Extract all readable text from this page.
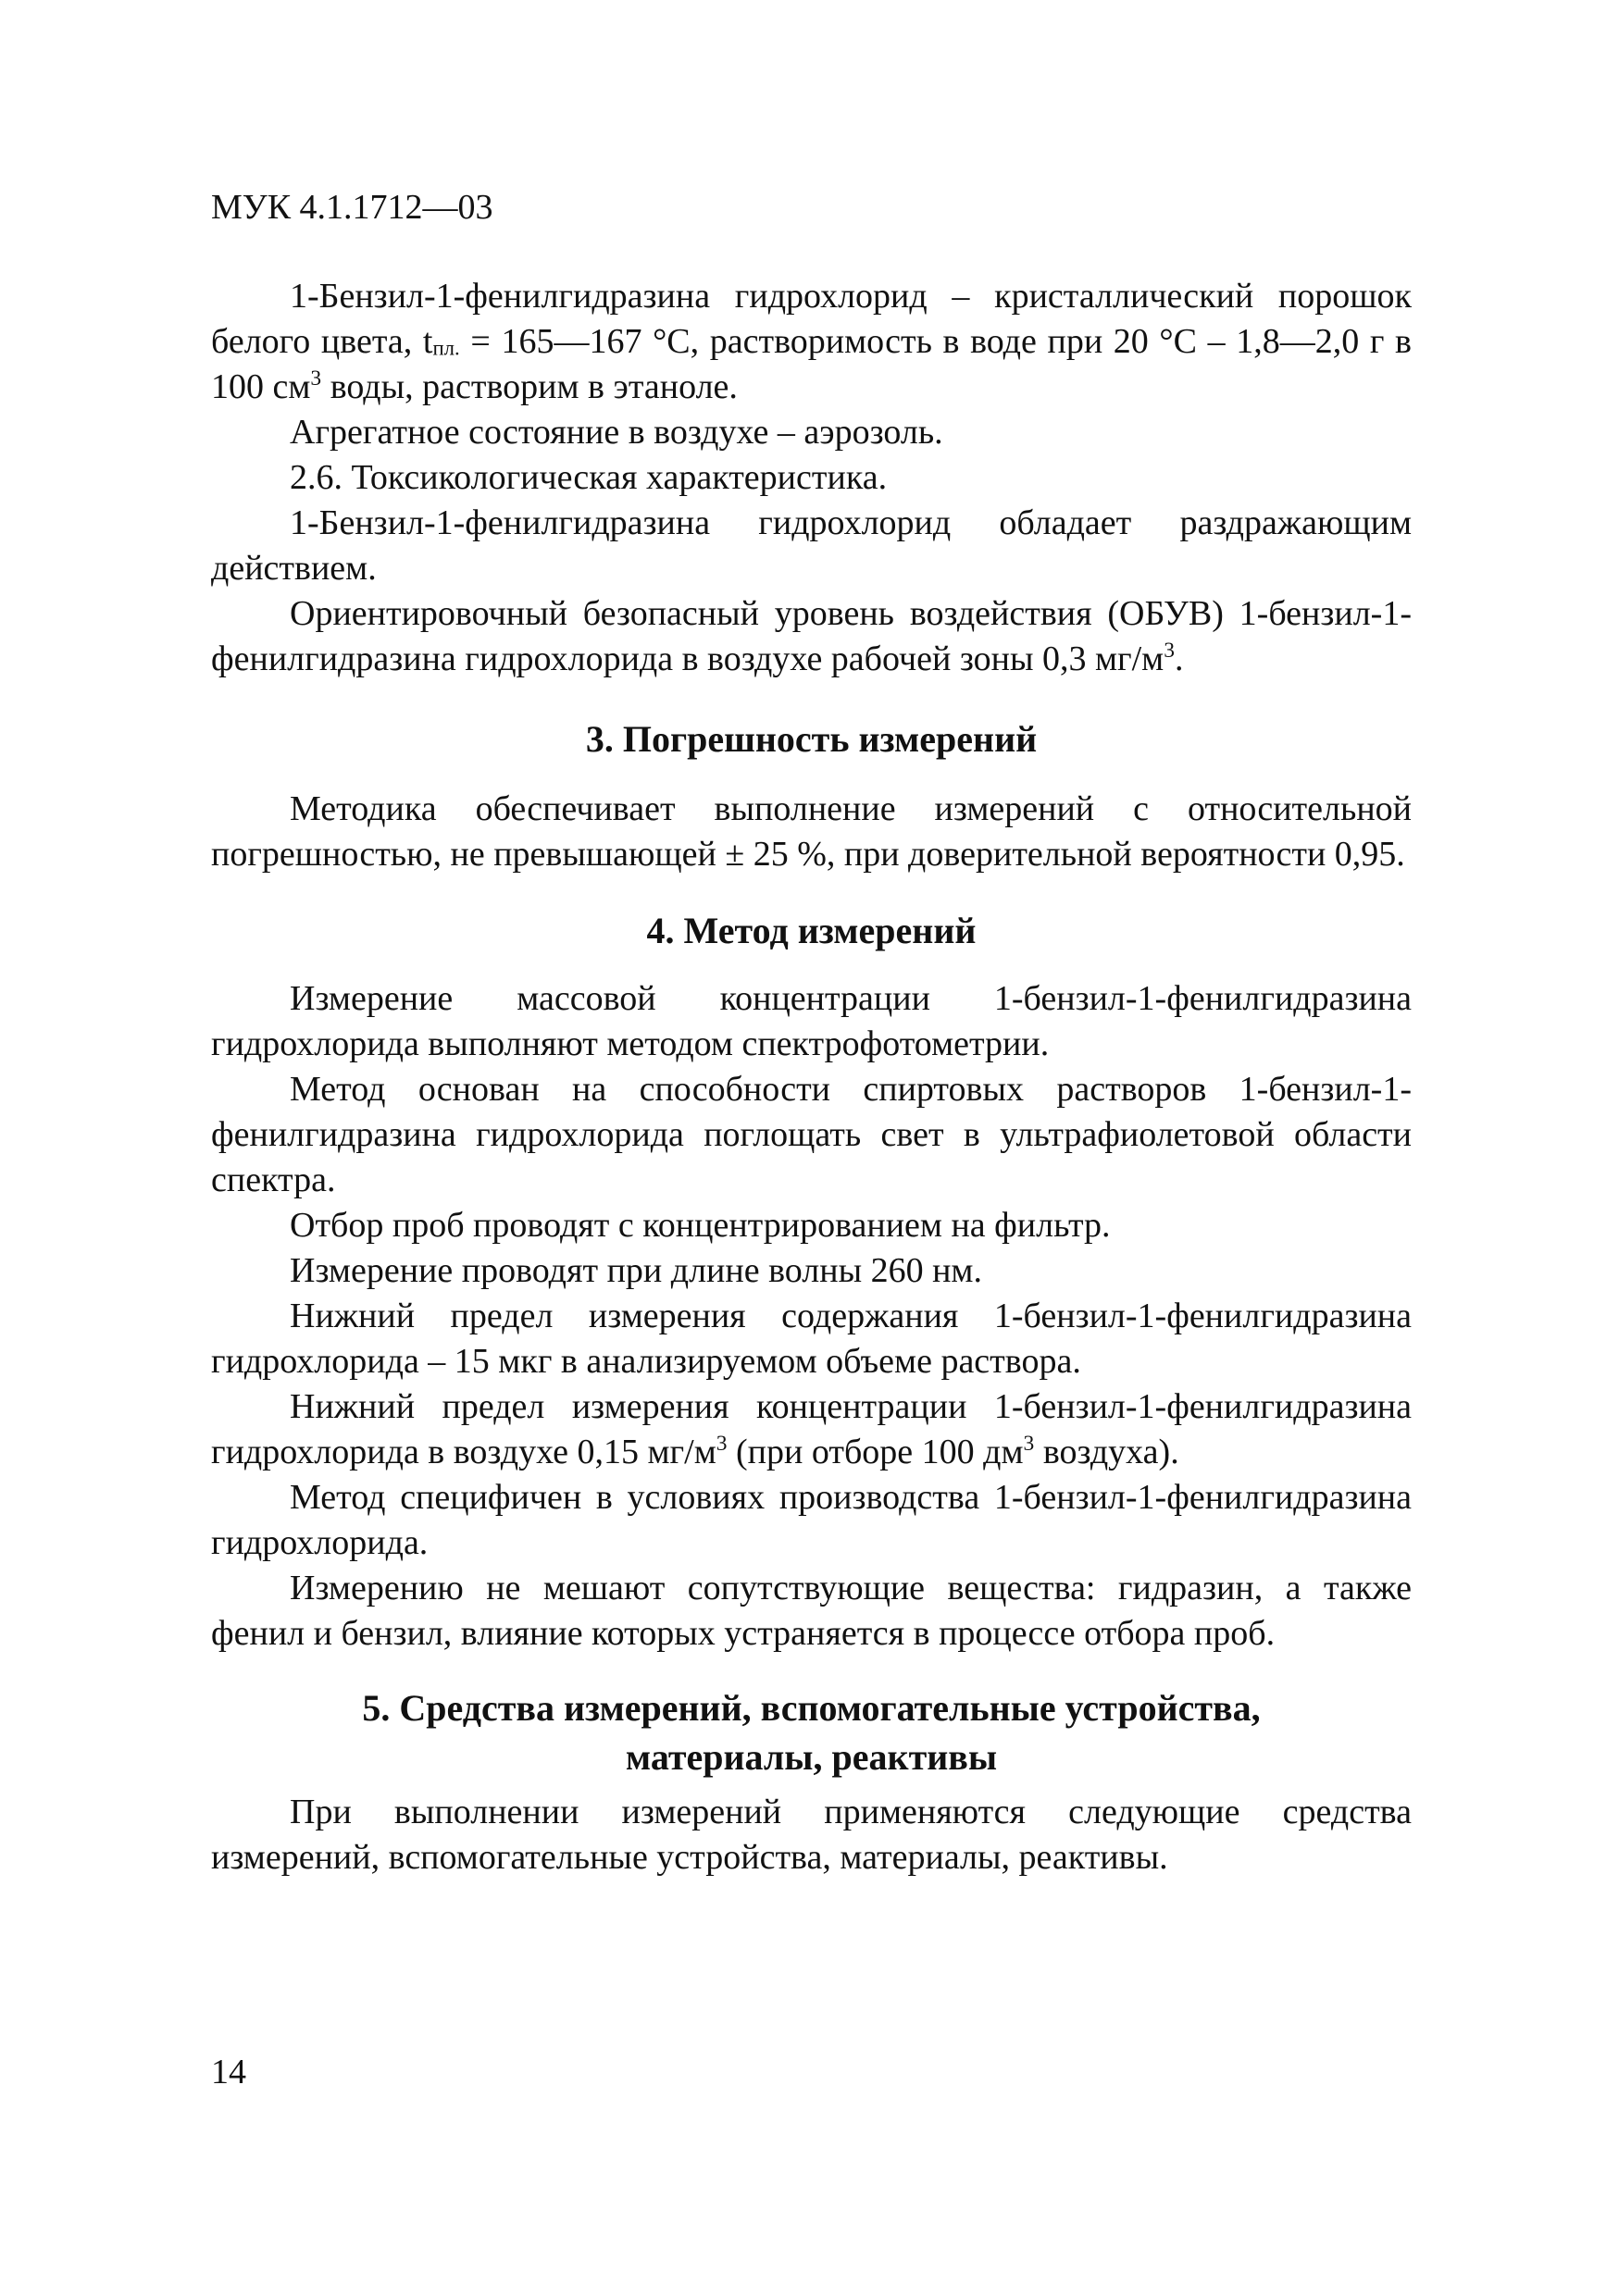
МУК 4.1.1712—03

1-Бензил-1-фенилгидразина гидрохлорид – кристаллический порошок белого цвета, $t_{пл.}$ = 165—167 °С, растворимость в воде при 20 °С – 1,8—2,0 г в 100 $см^3$ воды, растворим в этаноле.

Агрегатное состояние в воздухе – аэрозоль.

2.6. Токсикологическая характеристика.

1-Бензил-1-фенилгидразина гидрохлорид обладает раздражающим действием.

Ориентировочный безопасный уровень воздействия (ОБУВ) 1-бензил-1-фенилгидразина гидрохлорида в воздухе рабочей зоны 0,3 $мг/м^3$.

3. Погрешность измерений

Методика обеспечивает выполнение измерений с относительной погрешностью, не превышающей ± 25 %, при доверительной вероятности 0,95.

4. Метод измерений

Измерение массовой концентрации 1-бензил-1-фенилгидразина гидрохлорида выполняют методом спектрофотометрии.

Метод основан на способности спиртовых растворов 1-бензил-1-фенилгидразина гидрохлорида поглощать свет в ультрафиолетовой области спектра.

Отбор проб проводят с концентрированием на фильтр.

Измерение проводят при длине волны 260 нм.

Нижний предел измерения содержания 1-бензил-1-фенилгидразина гидрохлорида – 15 мкг в анализируемом объеме раствора.

Нижний предел измерения концентрации 1-бензил-1-фенилгидразина гидрохлорида в воздухе 0,15 $мг/м^3$ (при отборе 100 $дм^3$ воздуха).

Метод специфичен в условиях производства 1-бензил-1-фенилгидразина гидрохлорида.

Измерению не мешают сопутствующие вещества: гидразин, а также фенил и бензил, влияние которых устраняется в процессе отбора проб.

5. Средства измерений, вспомогательные устройства,
материалы, реактивы

При выполнении измерений применяются следующие средства измерений, вспомогательные устройства, материалы, реактивы.

14
